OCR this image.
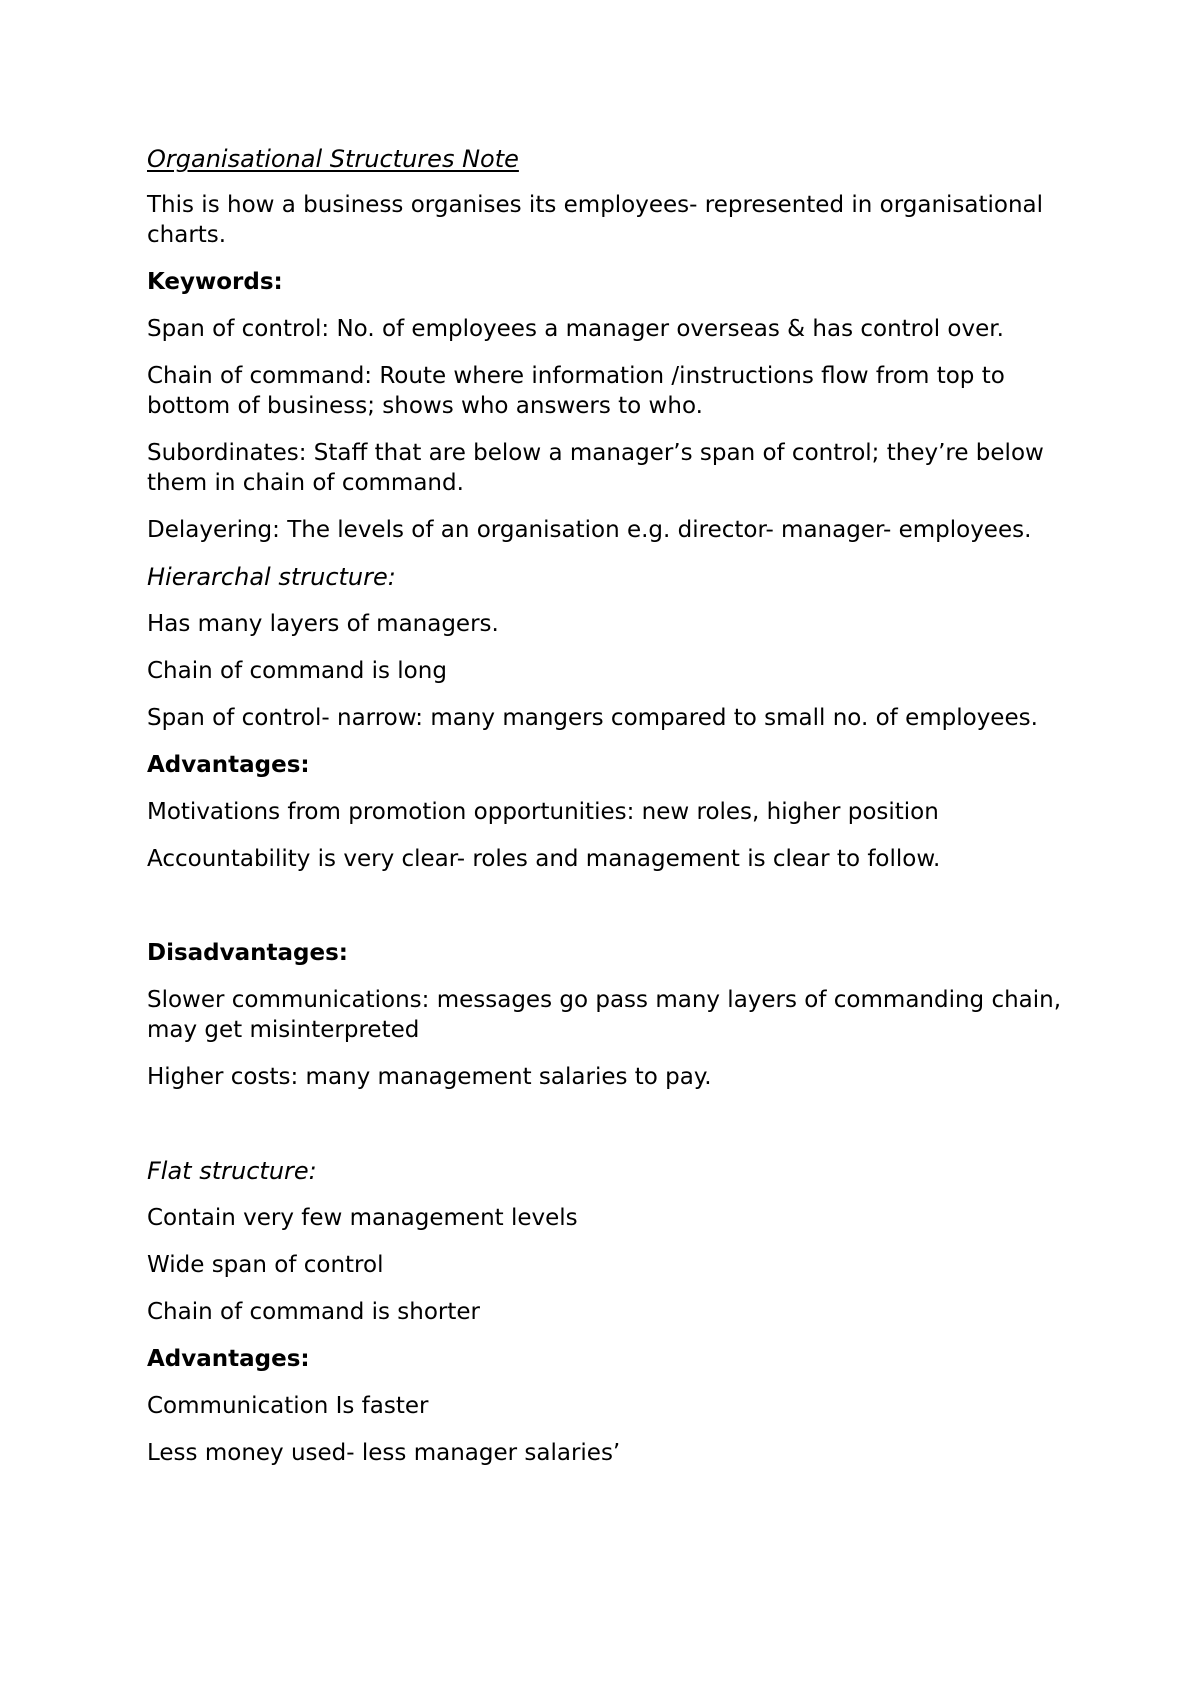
Organisational Structures Note

This is how a business organises its employees- represented in organisational charts.

Keywords:

Span of control: No. of employees a manager overseas & has control over.

Chain of command: Route where information /instructions flow from top to bottom of business; shows who answers to who.

Subordinates: Staff that are below a manager’s span of control; they’re below them in chain of command.

Delayering: The levels of an organisation e.g. director- manager- employees.

Hierarchal structure:

Has many layers of managers.

Chain of command is long

Span of control- narrow: many mangers compared to small no. of employees.

Advantages:

Motivations from promotion opportunities: new roles, higher position

Accountability is very clear- roles and management is clear to follow.

Disadvantages:

Slower communications: messages go pass many layers of commanding chain, may get misinterpreted

Higher costs: many management salaries to pay.

Flat structure:

Contain very few management levels

Wide span of control

Chain of command is shorter

Advantages:

Communication Is faster

Less money used- less manager salaries’
